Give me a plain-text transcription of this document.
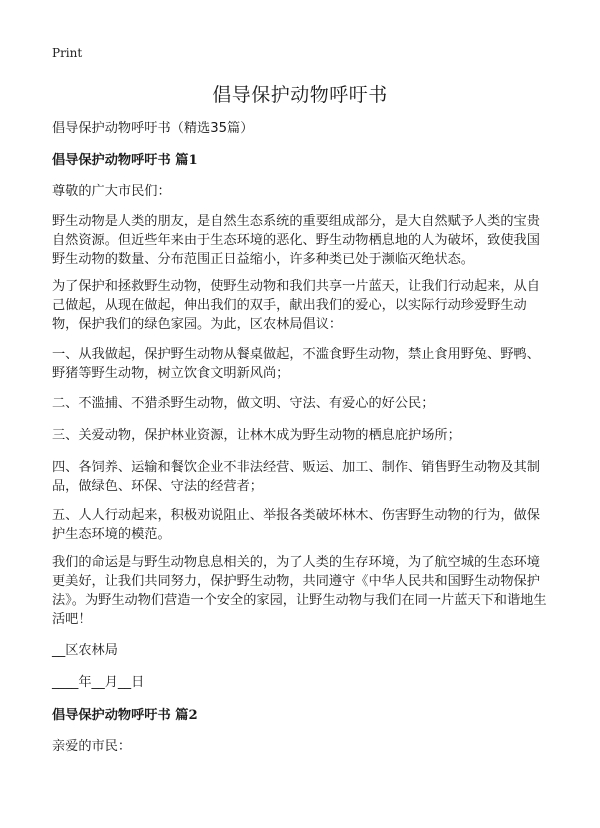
Print
倡导保护动物呼吁书

倡导保护动物呼吁书（精选35篇）

倡导保护动物呼吁书 篇1

尊敬的广大市民们：

野生动物是人类的朋友，是自然生态系统的重要组成部分，是大自然赋予人类的宝贵自然资源。但近些年来由于生态环境的恶化、野生动物栖息地的人为破坏，致使我国野生动物的数量、分布范围正日益缩小，许多种类已处于濒临灭绝状态。

为了保护和拯救野生动物，使野生动物和我们共享一片蓝天，让我们行动起来，从自己做起，从现在做起，伸出我们的双手，献出我们的爱心，以实际行动珍爱野生动物，保护我们的绿色家园。为此，区农林局倡议：

一、从我做起，保护野生动物从餐桌做起，不滥食野生动物，禁止食用野兔、野鸭、野猪等野生动物，树立饮食文明新风尚；

二、不滥捕、不猎杀野生动物，做文明、守法、有爱心的好公民；

三、关爱动物，保护林业资源，让林木成为野生动物的栖息庇护场所；

四、各饲养、运输和餐饮企业不非法经营、贩运、加工、制作、销售野生动物及其制品，做绿色、环保、守法的经营者；

五、人人行动起来，积极劝说阻止、举报各类破坏林木、伤害野生动物的行为，做保护生态环境的模范。

我们的命运是与野生动物息息相关的，为了人类的生存环境，为了航空城的生态环境更美好，让我们共同努力，保护野生动物，共同遵守《中华人民共和国野生动物保护法》。为野生动物们营造一个安全的家园，让野生动物与我们在同一片蓝天下和谐地生活吧！

__区农林局

____年__月__日

倡导保护动物呼吁书 篇2

亲爱的市民：
